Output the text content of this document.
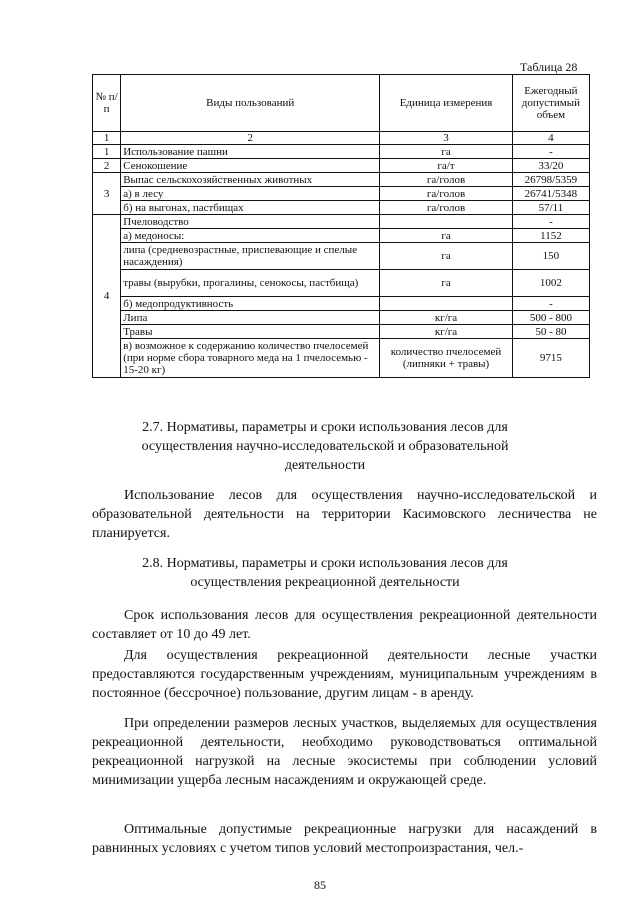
Таблица 28
№ п/п	Виды пользований	Единица измерения	Ежегодный допустимый объем
1	2	3	4
1	Использование пашни	га	-
2	Сенокошение	га/т	33/20
3	Выпас сельскохозяйственных животных	га/голов	26798/5359
	а) в лесу	га/голов	26741/5348
	б) на выгонах, пастбищах	га/голов	57/11
4	Пчеловодство		-
	а) медоносы:	га	1152
	липа (средневозрастные, приспевающие и спелые насаждения)	га	150
	травы (вырубки, прогалины, сенокосы, пастбища)	га	1002
	б) медопродуктивность		-
	Липа	кг/га	500 - 800
	Травы	кг/га	50 - 80
	в) возможное к содержанию количество пчелосемей (при норме сбора товарного меда на 1 пчелосемью - 15-20 кг)	количество пчелосемей (липняки + травы)	9715
2.7. Нормативы, параметры и сроки использования лесов для осуществления научно-исследовательской и образовательной деятельности
Использование лесов для осуществления научно-исследовательской и образовательной деятельности на территории Касимовского лесничества не планируется.
2.8. Нормативы, параметры и сроки использования лесов для осуществления рекреационной деятельности
Срок использования лесов для осуществления рекреационной деятельности составляет от 10 до 49 лет.
Для осуществления рекреационной деятельности лесные участки предоставляются государственным учреждениям, муниципальным учреждениям в постоянное (бессрочное) пользование, другим лицам - в аренду.
При определении размеров лесных участков, выделяемых для осуществления рекреационной деятельности, необходимо руководствоваться оптимальной рекреационной нагрузкой на лесные экосистемы при соблюдении условий минимизации ущерба лесным насаждениям и окружающей среде.
Оптимальные допустимые рекреационные нагрузки для насаждений в равнинных условиях с учетом типов условий местопроизрастания, чел.-
85
